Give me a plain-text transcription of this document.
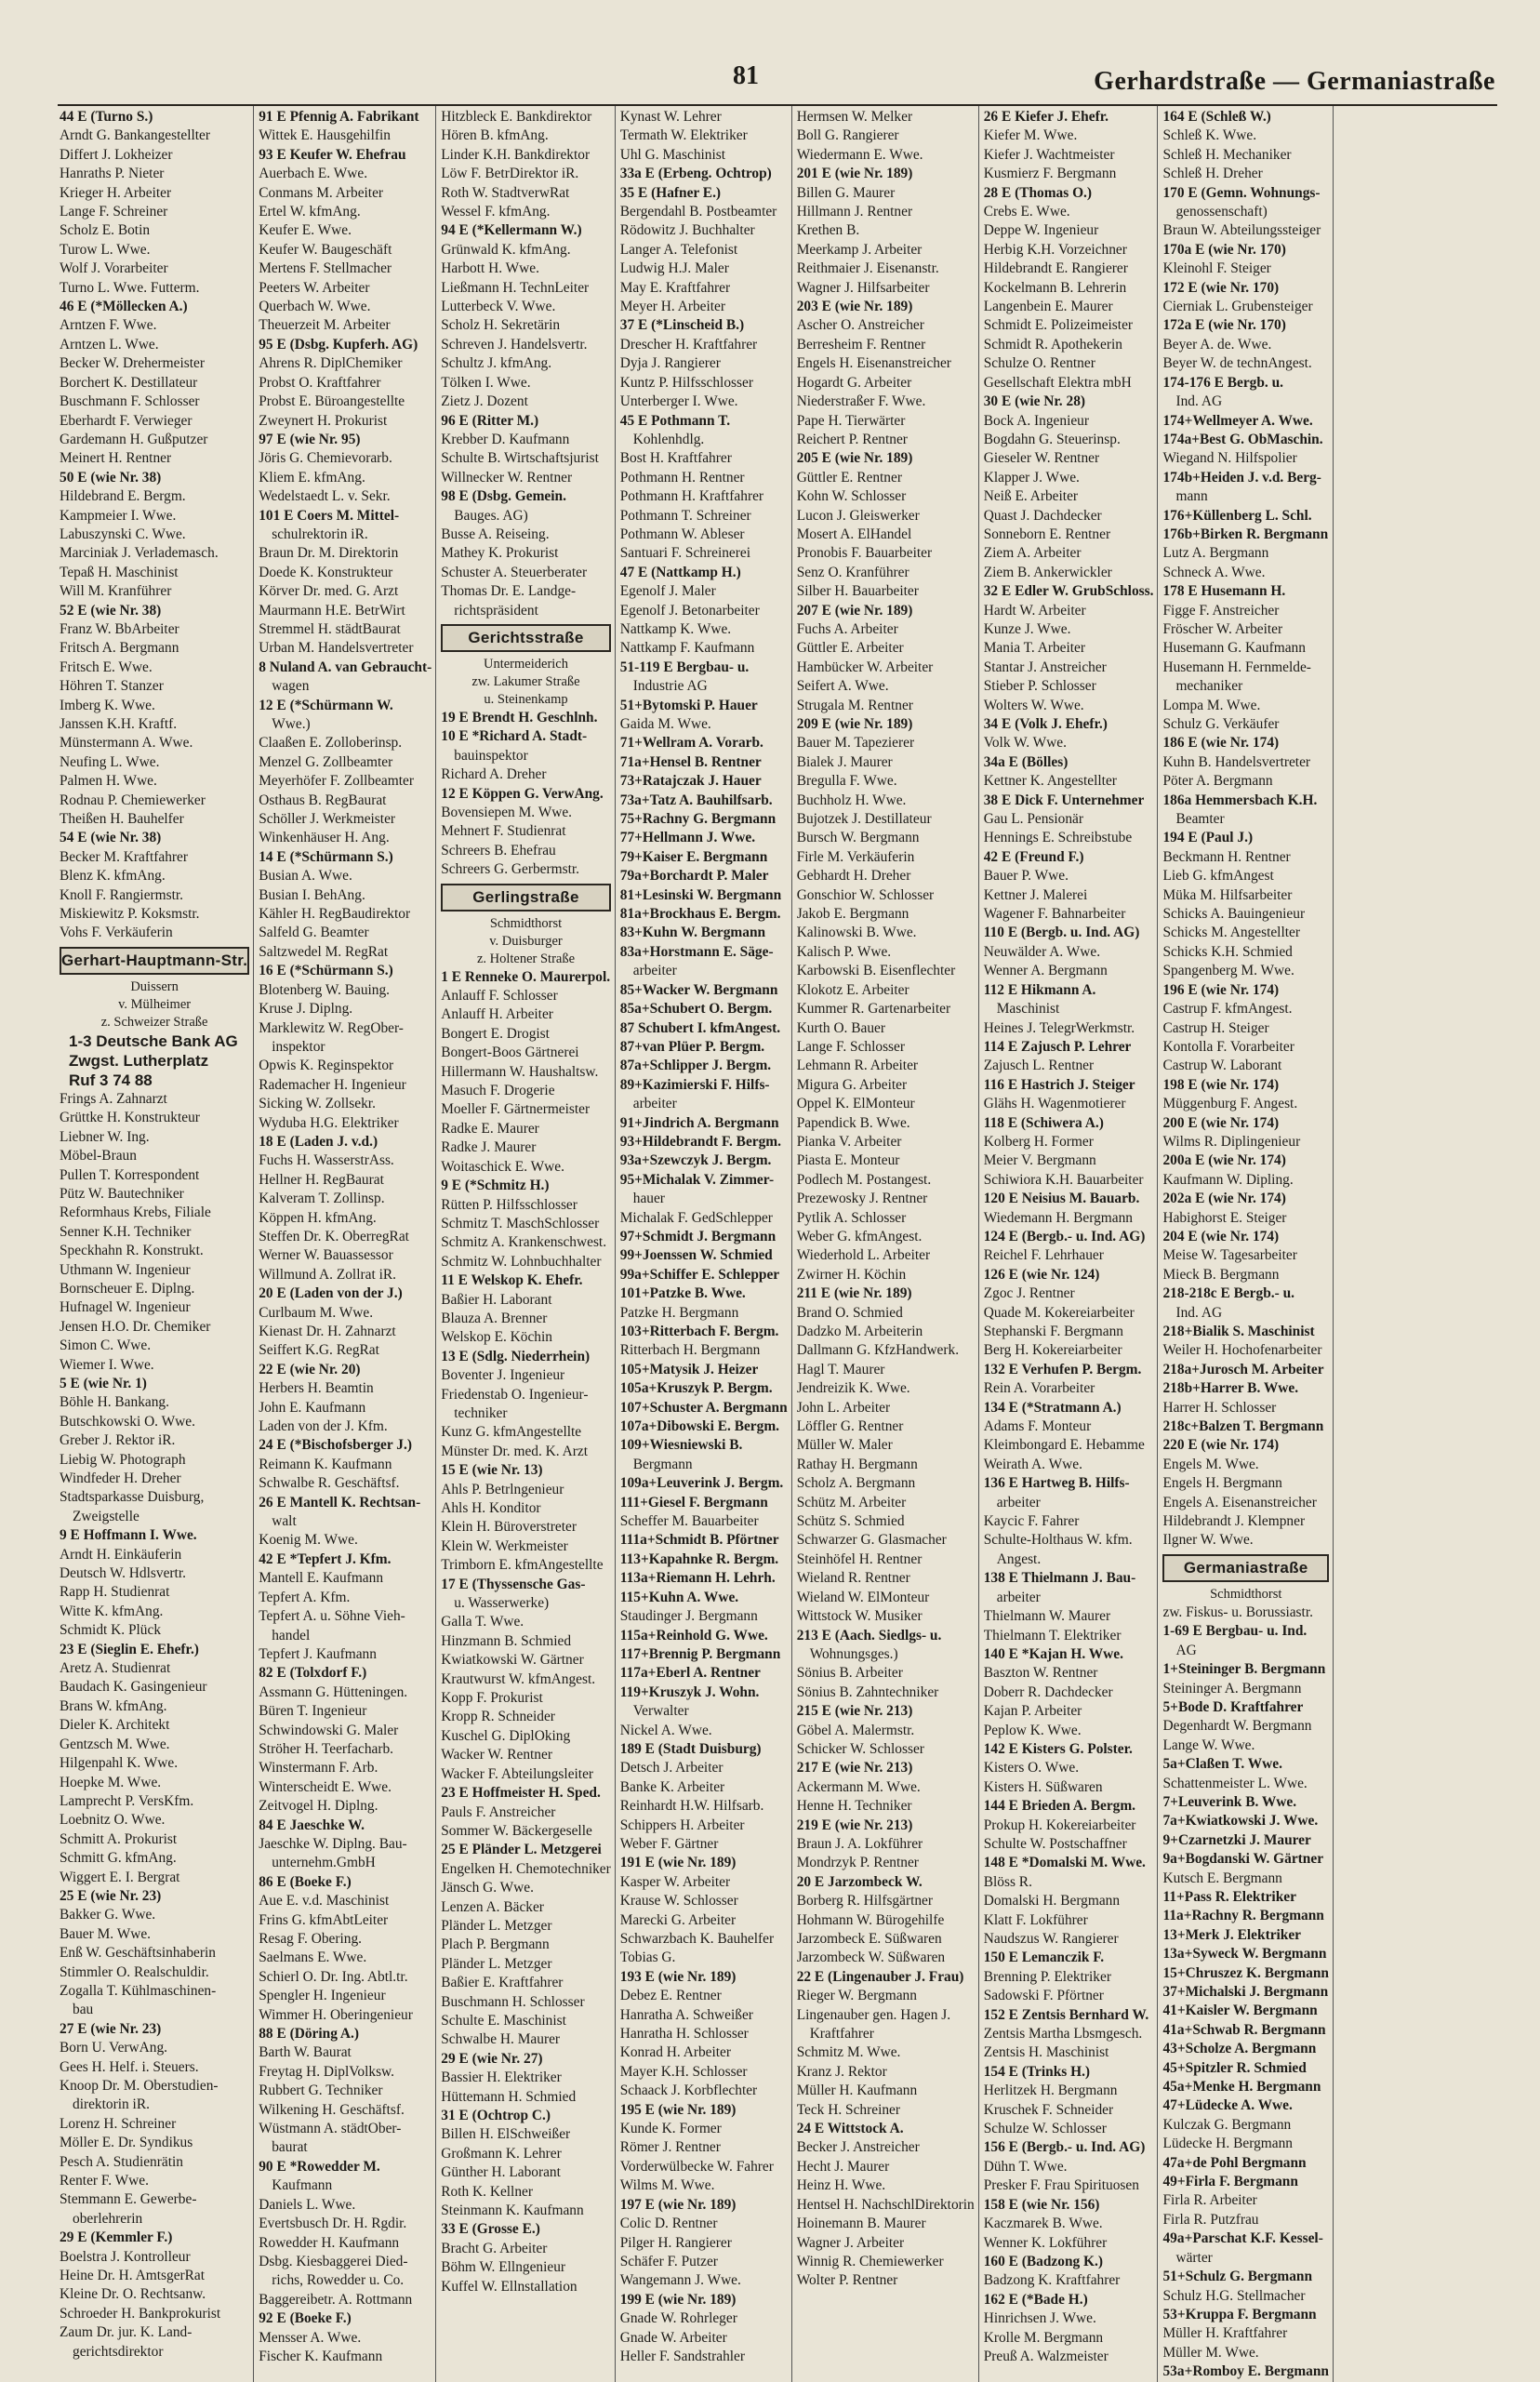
81	Gerhardstraße — Germaniastraße
44 E (Turno S.)
Arndt G. Bankangestellter
Differt J. Lokheizer
Hanraths P. Nieter
Krieger H. Arbeiter
Lange F. Schreiner
Scholz E. Botin
Turow L. Wwe.
Wolf J. Vorarbeiter
Turno L. Wwe. Futterm.
46 E (*Möllecken A.)
Arntzen F. Wwe.
Arntzen L. Wwe.
Becker W. Drehermeister
Borchert K. Destillateur
Buschmann F. Schlosser
Eberhardt F. Verwieger
Gardemann H. Gußputzer
Meinert H. Rentner
50 E (wie Nr. 38)
Hildebrand E. Bergm.
Kampmeier I. Wwe.
Labuszynski C. Wwe.
Marciniak J. Verlademasch.
Tepaß H. Maschinist
Will M. Kranführer
52 E (wie Nr. 38)
Franz W. BbArbeiter
Fritsch A. Bergmann
Fritsch E. Wwe.
Höhren T. Stanzer
Imberg K. Wwe.
Janssen K.H. Kraftf.
Münstermann A. Wwe.
Neufing L. Wwe.
Palmen H. Wwe.
Rodnau P. Chemiewerker
Theißen H. Bauhelfer
54 E (wie Nr. 38)
Becker M. Kraftfahrer
Blenz K. kfmAng.
Knoll F. Rangiermstr.
Miskiewitz P. Koksmstr.
Vohs F. Verkäuferin
Gerhart-Hauptmann-Str.
Duissern
v. Mülheimer
z. Schweizer Straße
1-3 Deutsche Bank AG
Zwgst. Lutherplatz
Ruf 3 74 88
Frings A. Zahnarzt
Grüttke H. Konstrukteur
Liebner W. Ing.
Möbel-Braun
Pullen T. Korrespondent
Pütz W. Bautechniker
Reformhaus Krebs, Filiale
Senner K.H. Techniker
Speckhahn R. Konstrukt.
Uthmann W. Ingenieur
Bornscheuer E. Diplng.
Hufnagel W. Ingenieur
Jensen H.O. Dr. Chemiker
Simon C. Wwe.
Wiemer I. Wwe.
5 E (wie Nr. 1)
Böhle H. Bankang.
Butschkowski O. Wwe.
Greber J. Rektor iR.
Liebig W. Photograph
Windfeder H. Dreher
Stadtsparkasse Duisburg,
Zweigstelle
9 E Hoffmann I. Wwe.
Arndt H. Einkäuferin
Deutsch W. Hdlsvertr.
Rapp H. Studienrat
Witte K. kfmAng.
Schmidt K. Plück
23 E (Sieglin E. Ehefr.)
Aretz A. Studienrat
Baudach K. Gasingenieur
Brans W. kfmAng.
Dieler K. Architekt
Gentzsch M. Wwe.
Hilgenpahl K. Wwe.
Hoepke M. Wwe.
Lamprecht P. VersKfm.
Loebnitz O. Wwe.
Schmitt A. Prokurist
Schmitt G. kfmAng.
Wiggert E. I. Bergrat
25 E (wie Nr. 23)
Bakker G. Wwe.
Bauer M. Wwe.
Enß W. Geschäftsinhaberin
Stimmler O. Realschuldir.
Zogalla T. Kühlmaschinen-
bau
27 E (wie Nr. 23)
Born U. VerwAng.
Gees H. Helf. i. Steuers.
Knoop Dr. M. Oberstudien-
direktorin iR.
Lorenz H. Schreiner
Möller E. Dr. Syndikus
Pesch A. Studienrätin
Renter F. Wwe.
Stemmann E. Gewerbe-
oberlehrerin
29 E (Kemmler F.)
Boelstra J. Kontrolleur
Heine Dr. H. AmtsgerRat
Kleine Dr. O. Rechtsanw.
Schroeder H. Bankprokurist
Zaum Dr. jur. K. Land-
gerichtsdirektor
91 E Pfennig A. Fabrikant
Wittek E. Hausgehilfin
93 E Keufer W. Ehefrau
Auerbach E. Wwe.
Conmans M. Arbeiter
Ertel W. kfmAng.
Keufer E. Wwe.
Keufer W. Baugeschäft
Mertens F. Stellmacher
Peeters W. Arbeiter
Querbach W. Wwe.
Theuerzeit M. Arbeiter
95 E (Dsbg. Kupferh. AG)
Ahrens R. DiplChemiker
Probst O. Kraftfahrer
Probst E. Büroangestellte
Zweynert H. Prokurist
97 E (wie Nr. 95)
Jöris G. Chemievorarb.
Kliem E. kfmAng.
Wedelstaedt L. v. Sekr.
101 E Coers M. Mittel-
schulrektorin iR.
Braun Dr. M. Direktorin
Doede K. Konstrukteur
Körver Dr. med. G. Arzt
Maurmann H.E. BetrWirt
Stremmel H. städtBaurat
Urban M. Handelsvertreter
8 Nuland A. van Gebraucht-
wagen
12 E (*Schürmann W.
Wwe.)
Claaßen E. Zolloberinsp.
Menzel G. Zollbeamter
Meyerhöfer F. Zollbeamter
Osthaus B. RegBaurat
Schöller J. Werkmeister
Winkenhäuser H. Ang.
14 E (*Schürmann S.)
Busian A. Wwe.
Busian I. BehAng.
Kähler H. RegBaudirektor
Salfeld G. Beamter
Saltzwedel M. RegRat
16 E (*Schürmann S.)
Blotenberg W. Bauing.
Kruse J. Diplng.
Marklewitz W. RegOber-
inspektor
Opwis K. Reginspektor
Rademacher H. Ingenieur
Sicking W. Zollsekr.
Wyduba H.G. Elektriker
18 E (Laden J. v.d.)
Fuchs H. WasserstrAss.
Hellner H. RegBaurat
Kalveram T. Zollinsp.
Köppen H. kfmAng.
Steffen Dr. K. OberregRat
Werner W. Bauassessor
Willmund A. Zollrat iR.
20 E (Laden von der J.)
Curlbaum M. Wwe.
Kienast Dr. H. Zahnarzt
Seiffert K.G. RegRat
22 E (wie Nr. 20)
Herbers H. Beamtin
John E. Kaufmann
Laden von der J. Kfm.
24 E (*Bischofsberger J.)
Reimann K. Kaufmann
Schwalbe R. Geschäftsf.
26 E Mantell K. Rechtsan-
walt
Koenig M. Wwe.
42 E *Tepfert J. Kfm.
Mantell E. Kaufmann
Tepfert A. Kfm.
Tepfert A. u. Söhne Vieh-
handel
Tepfert J. Kaufmann
82 E (Tolxdorf F.)
Assmann G. Hütteningen.
Büren T. Ingenieur
Schwindowski G. Maler
Ströher H. Teerfacharb.
Winstermann F. Arb.
Winterscheidt E. Wwe.
Zeitvogel H. Diplng.
84 E Jaeschke W.
Jaeschke W. Diplng. Bau-
unternehm.GmbH
86 E (Boeke F.)
Aue E. v.d. Maschinist
Frins G. kfmAbtLeiter
Resag F. Obering.
Saelmans E. Wwe.
Schierl O. Dr. Ing. Abtl.tr.
Spengler H. Ingenieur
Wimmer H. Oberingenieur
88 E (Döring A.)
Barth W. Baurat
Freytag H. DiplVolksw.
Rubbert G. Techniker
Wilkening H. Geschäftsf.
Wüstmann A. städtOber-
baurat
90 E *Rowedder M.
Kaufmann
Daniels L. Wwe.
Evertsbusch Dr. H. Rgdir.
Rowedder H. Kaufmann
Dsbg. Kiesbaggerei Died-
richs, Rowedder u. Co.
Baggereibetr. A. Rottmann
92 E (Boeke F.)
Mensser A. Wwe.
Fischer K. Kaufmann
Hitzbleck E. Bankdirektor
Hören B. kfmAng.
Linder K.H. Bankdirektor
Löw F. BetrDirektor iR.
Roth W. StadtverwRat
Wessel F. kfmAng.
94 E (*Kellermann W.)
Grünwald K. kfmAng.
Harbott H. Wwe.
Ließmann H. TechnLeiter
Lutterbeck V. Wwe.
Scholz H. Sekretärin
Schreven J. Handelsvertr.
Schultz J. kfmAng.
Tölken I. Wwe.
Zietz J. Dozent
96 E (Ritter M.)
Krebber D. Kaufmann
Schulte B. Wirtschaftsjurist
Willnecker W. Rentner
98 E (Dsbg. Gemein.
Bauges. AG)
Busse A. Reiseing.
Mathey K. Prokurist
Schuster A. Steuerberater
Thomas Dr. E. Landge-
richtspräsident
Gerichtsstraße
Untermeiderich
zw. Lakumer Straße
u. Steinenkamp
19 E Brendt H. Geschlnh.
10 E *Richard A. Stadt-
bauinspektor
Richard A. Dreher
12 E Köppen G. VerwAng.
Bovensiepen M. Wwe.
Mehnert F. Studienrat
Schreers B. Ehefrau
Schreers G. Gerbermstr.
Gerlingstraße
Schmidthorst
v. Duisburger
z. Holtener Straße
1 E Renneke O. Maurerpol.
Anlauff F. Schlosser
Anlauff H. Arbeiter
Bongert E. Drogist
Bongert-Boos Gärtnerei
Hillermann W. Haushaltsw.
Masuch F. Drogerie
Moeller F. Gärtnermeister
Radke E. Maurer
Radke J. Maurer
Woitaschick E. Wwe.
9 E (*Schmitz H.)
Rütten P. Hilfsschlosser
Schmitz T. MaschSchlosser
Schmitz A. Krankenschwest.
Schmitz W. Lohnbuchhalter
11 E Welskop K. Ehefr.
Baßier H. Laborant
Blauza A. Brenner
Welskop E. Köchin
13 E (Sdlg. Niederrhein)
Boventer J. Ingenieur
Friedenstab O. Ingenieur-
techniker
Kunz G. kfmAngestellte
Münster Dr. med. K. Arzt
15 E (wie Nr. 13)
Ahls P. Betrlngenieur
Ahls H. Konditor
Klein H. Büroverstreter
Klein W. Werkmeister
Trimborn E. kfmAngestellte
17 E (Thyssensche Gas-
u. Wasserwerke)
Galla T. Wwe.
Hinzmann B. Schmied
Kwiatkowski W. Gärtner
Krautwurst W. kfmAngest.
Kopp F. Prokurist
Kropp R. Schneider
Kuschel G. DiplOking
Wacker W. Rentner
Wacker F. Abteilungsleiter
23 E Hoffmeister H. Sped.
Pauls F. Anstreicher
Sommer W. Bäckergeselle
25 E Pländer L. Metzgerei
Engelken H. Chemotechniker
Jänsch G. Wwe.
Lenzen A. Bäcker
Pländer L. Metzger
Plach P. Bergmann
Pländer L. Metzger
Baßier E. Kraftfahrer
Buschmann H. Schlosser
Schulte E. Maschinist
Schwalbe H. Maurer
29 E (wie Nr. 27)
Bassier H. Elektriker
Hüttemann H. Schmied
31 E (Ochtrop C.)
Billen H. ElSchweißer
Großmann K. Lehrer
Günther H. Laborant
Roth K. Kellner
Steinmann K. Kaufmann
33 E (Grosse E.)
Bracht G. Arbeiter
Böhm W. Ellngenieur
Kuffel W. Ellnstallation
Kynast W. Lehrer
Termath W. Elektriker
Uhl G. Maschinist
33a E (Erbeng. Ochtrop)
35 E (Hafner E.)
Bergendahl B. Postbeamter
Rödowitz J. Buchhalter
Langer A. Telefonist
Ludwig H.J. Maler
May E. Kraftfahrer
Meyer H. Arbeiter
37 E (*Linscheid B.)
Drescher H. Kraftfahrer
Dyja J. Rangierer
Kuntz P. Hilfsschlosser
Unterberger I. Wwe.
45 E Pothmann T.
Kohlenhdlg.
Bost H. Kraftfahrer
Pothmann H. Rentner
Pothmann H. Kraftfahrer
Pothmann T. Schreiner
Pothmann W. Ableser
Santuari F. Schreinerei
47 E (Nattkamp H.)
Egenolf J. Maler
Egenolf J. Betonarbeiter
Nattkamp K. Wwe.
Nattkamp F. Kaufmann
51-119 E Bergbau- u.
Industrie AG
51+Bytomski P. Hauer
Gaida M. Wwe.
71+Wellram A. Vorarb.
71a+Hensel B. Rentner
73+Ratajczak J. Hauer
73a+Tatz A. Bauhilfsarb.
75+Rachny G. Bergmann
77+Hellmann J. Wwe.
79+Kaiser E. Bergmann
79a+Borchardt P. Maler
81+Lesinski W. Bergmann
81a+Brockhaus E. Bergm.
83+Kuhn W. Bergmann
83a+Horstmann E. Säge-
arbeiter
85+Wacker W. Bergmann
85a+Schubert O. Bergm.
87 Schubert I. kfmAngest.
87+van Plüer P. Bergm.
87a+Schlipper J. Bergm.
89+Kazimierski F. Hilfs-
arbeiter
91+Jindrich A. Bergmann
93+Hildebrandt F. Bergm.
93a+Szewczyk J. Bergm.
95+Michalak V. Zimmer-
hauer
Michalak F. GedSchlepper
97+Schmidt J. Bergmann
99+Joenssen W. Schmied
99a+Schiffer E. Schlepper
101+Patzke B. Wwe.
Patzke H. Bergmann
103+Ritterbach F. Bergm.
Ritterbach H. Bergmann
105+Matysik J. Heizer
105a+Kruszyk P. Bergm.
107+Schuster A. Bergmann
107a+Dibowski E. Bergm.
109+Wiesniewski B.
Bergmann
109a+Leuverink J. Bergm.
111+Giesel F. Bergmann
Scheffer M. Bauarbeiter
111a+Schmidt B. Pförtner
113+Kapahnke R. Bergm.
113a+Riemann H. Lehrh.
115+Kuhn A. Wwe.
Staudinger J. Bergmann
115a+Reinhold G. Wwe.
117+Brennig P. Bergmann
117a+Eberl A. Rentner
119+Kruszyk J. Wohn.
Verwalter
Nickel A. Wwe.
189 E (Stadt Duisburg)
Detsch J. Arbeiter
Banke K. Arbeiter
Reinhardt H.W. Hilfsarb.
Schippers H. Arbeiter
Weber F. Gärtner
191 E (wie Nr. 189)
Kasper W. Arbeiter
Krause W. Schlosser
Marecki G. Arbeiter
Schwarzbach K. Bauhelfer
Tobias G.
193 E (wie Nr. 189)
Debez E. Rentner
Hanratha A. Schweißer
Hanratha H. Schlosser
Konrad H. Arbeiter
Mayer K.H. Schlosser
Schaack J. Korbflechter
195 E (wie Nr. 189)
Kunde K. Former
Römer J. Rentner
Vorderwülbecke W. Fahrer
Wilms M. Wwe.
197 E (wie Nr. 189)
Colic D. Rentner
Pilger H. Rangierer
Schäfer F. Putzer
Wangemann J. Wwe.
199 E (wie Nr. 189)
Gnade W. Rohrleger
Gnade W. Arbeiter
Heller F. Sandstrahler
Hermsen W. Melker
Boll G. Rangierer
Wiedermann E. Wwe.
201 E (wie Nr. 189)
Billen G. Maurer
Hillmann J. Rentner
Krethen B.
Meerkamp J. Arbeiter
Reithmaier J. Eisenanstr.
Wagner J. Hilfsarbeiter
203 E (wie Nr. 189)
Ascher O. Anstreicher
Berresheim F. Rentner
Engels H. Eisenanstreicher
Hogardt G. Arbeiter
Niederstraßer F. Wwe.
Pape H. Tierwärter
Reichert P. Rentner
205 E (wie Nr. 189)
Güttler E. Rentner
Kohn W. Schlosser
Lucon J. Gleiswerker
Mosert A. ElHandel
Pronobis F. Bauarbeiter
Senz O. Kranführer
Silber H. Bauarbeiter
207 E (wie Nr. 189)
Fuchs A. Arbeiter
Güttler E. Arbeiter
Hambücker W. Arbeiter
Seifert A. Wwe.
Strugala M. Rentner
209 E (wie Nr. 189)
Bauer M. Tapezierer
Bialek J. Maurer
Bregulla F. Wwe.
Buchholz H. Wwe.
Bujotzek J. Destillateur
Bursch W. Bergmann
Firle M. Verkäuferin
Gebhardt H. Dreher
Gonschior W. Schlosser
Jakob E. Bergmann
Kalinowski B. Wwe.
Kalisch P. Wwe.
Karbowski B. Eisenflechter
Klokotz E. Arbeiter
Kummer R. Gartenarbeiter
Kurth O. Bauer
Lange F. Schlosser
Lehmann R. Arbeiter
Migura G. Arbeiter
Oppel K. ElMonteur
Papendick B. Wwe.
Pianka V. Arbeiter
Piasta E. Monteur
Podlech M. Postangest.
Prezewosky J. Rentner
Pytlik A. Schlosser
Weber G. kfmAngest.
Wiederhold L. Arbeiter
Zwirner H. Köchin
211 E (wie Nr. 189)
Brand O. Schmied
Dadzko M. Arbeiterin
Dallmann G. KfzHandwerk.
Hagl T. Maurer
Jendreizik K. Wwe.
John L. Arbeiter
Löffler G. Rentner
Müller W. Maler
Rathay H. Bergmann
Scholz A. Bergmann
Schütz M. Arbeiter
Schütz S. Schmied
Schwarzer G. Glasmacher
Steinhöfel H. Rentner
Wieland R. Rentner
Wieland W. ElMonteur
Wittstock W. Musiker
213 E (Aach. Siedlgs- u.
Wohnungsges.)
Sönius B. Arbeiter
Sönius B. Zahntechniker
215 E (wie Nr. 213)
Göbel A. Malermstr.
Schicker W. Schlosser
217 E (wie Nr. 213)
Ackermann M. Wwe.
Henne H. Techniker
219 E (wie Nr. 213)
Braun J. A. Lokführer
Mondrzyk P. Rentner
20 E Jarzombeck W.
Borberg R. Hilfsgärtner
Hohmann W. Bürogehilfe
Jarzombeck E. Süßwaren
Jarzombeck W. Süßwaren
22 E (Lingenauber J. Frau)
Rieger W. Bergmann
Lingenauber gen. Hagen J.
Kraftfahrer
Schmitz M. Wwe.
Kranz J. Rektor
Müller H. Kaufmann
Teck H. Schreiner
24 E Wittstock A.
Becker J. Anstreicher
Hecht J. Maurer
Heinz H. Wwe.
Hentsel H. NachschlDirektorin
Hoinemann B. Maurer
Wagner J. Arbeiter
Winnig R. Chemiewerker
Wolter P. Rentner
26 E Kiefer J. Ehefr.
Kiefer M. Wwe.
Kiefer J. Wachtmeister
Kusmierz F. Bergmann
28 E (Thomas O.)
Crebs E. Wwe.
Deppe W. Ingenieur
Herbig K.H. Vorzeichner
Hildebrandt E. Rangierer
Kockelmann B. Lehrerin
Langenbein E. Maurer
Schmidt E. Polizeimeister
Schmidt R. Apothekerin
Schulze O. Rentner
Gesellschaft Elektra mbH
30 E (wie Nr. 28)
Bock A. Ingenieur
Bogdahn G. Steuerinsp.
Gieseler W. Rentner
Klapper J. Wwe.
Neiß E. Arbeiter
Quast J. Dachdecker
Sonneborn E. Rentner
Ziem A. Arbeiter
Ziem B. Ankerwickler
32 E Edler W. GrubSchloss.
Hardt W. Arbeiter
Kunze J. Wwe.
Mania T. Arbeiter
Stantar J. Anstreicher
Stieber P. Schlosser
Wolters W. Wwe.
34 E (Volk J. Ehefr.)
Volk W. Wwe.
34a E (Bölles)
Kettner K. Angestellter
38 E Dick F. Unternehmer
Gau L. Pensionär
Hennings E. Schreibstube
42 E (Freund F.)
Bauer P. Wwe.
Kettner J. Malerei
Wagener F. Bahnarbeiter
110 E (Bergb. u. Ind. AG)
Neuwälder A. Wwe.
Wenner A. Bergmann
112 E Hikmann A.
Maschinist
Heines J. TelegrWerkmstr.
114 E Zajusch P. Lehrer
Zajusch L. Rentner
116 E Hastrich J. Steiger
Glähs H. Wagenmotierer
118 E (Schiwera A.)
Kolberg H. Former
Meier V. Bergmann
Schiwiora K.H. Bauarbeiter
120 E Neisius M. Bauarb.
Wiedemann H. Bergmann
124 E (Bergb.- u. Ind. AG)
Reichel F. Lehrhauer
126 E (wie Nr. 124)
Zgoc J. Rentner
Quade M. Kokereiarbeiter
Stephanski F. Bergmann
Berg H. Kokereiarbeiter
132 E Verhufen P. Bergm.
Rein A. Vorarbeiter
134 E (*Stratmann A.)
Adams F. Monteur
Kleimbongard E. Hebamme
Weirath A. Wwe.
136 E Hartweg B. Hilfs-
arbeiter
Kaycic F. Fahrer
Schulte-Holthaus W. kfm.
Angest.
138 E Thielmann J. Bau-
arbeiter
Thielmann W. Maurer
Thielmann T. Elektriker
140 E *Kajan H. Wwe.
Baszton W. Rentner
Doberr R. Dachdecker
Kajan P. Arbeiter
Peplow K. Wwe.
142 E Kisters G. Polster.
Kisters O. Wwe.
Kisters H. Süßwaren
144 E Brieden A. Bergm.
Prokup H. Kokereiarbeiter
Schulte W. Postschaffner
148 E *Domalski M. Wwe.
Blöss R.
Domalski H. Bergmann
Klatt F. Lokführer
Naudszus W. Rangierer
150 E Lemanczik F.
Brenning P. Elektriker
Sadowski F. Pförtner
152 E Zentsis Bernhard W.
Zentsis Martha Lbsmgesch.
Zentsis H. Maschinist
154 E (Trinks H.)
Herlitzek H. Bergmann
Kruschek F. Schneider
Schulze W. Schlosser
156 E (Bergb.- u. Ind. AG)
Dühn T. Wwe.
Presker F. Frau Spirituosen
158 E (wie Nr. 156)
Kaczmarek B. Wwe.
Wenner K. Lokführer
160 E (Badzong K.)
Badzong K. Kraftfahrer
162 E (*Bade H.)
Hinrichsen J. Wwe.
Krolle M. Bergmann
Preuß A. Walzmeister
164 E (Schleß W.)
Schleß K. Wwe.
Schleß H. Mechaniker
Schleß H. Dreher
170 E (Gemn. Wohnungs-
genossenschaft)
Braun W. Abteilungssteiger
170a E (wie Nr. 170)
Kleinohl F. Steiger
172 E (wie Nr. 170)
Cierniak L. Grubensteiger
172a E (wie Nr. 170)
Beyer A. de. Wwe.
Beyer W. de technAngest.
174-176 E Bergb. u.
Ind. AG
174+Wellmeyer A. Wwe.
174a+Best G. ObMaschin.
Wiegand N. Hilfspolier
174b+Heiden J. v.d. Berg-
mann
176+Küllenberg L. Schl.
176b+Birken R. Bergmann
Lutz A. Bergmann
Schneck A. Wwe.
178 E Husemann H.
Figge F. Anstreicher
Fröscher W. Arbeiter
Husemann G. Kaufmann
Husemann H. Fernmelde-
mechaniker
Lompa M. Wwe.
Schulz G. Verkäufer
186 E (wie Nr. 174)
Kuhn B. Handelsvertreter
Pöter A. Bergmann
186a Hemmersbach K.H.
Beamter
194 E (Paul J.)
Beckmann H. Rentner
Lieb G. kfmAngest
Müka M. Hilfsarbeiter
Schicks A. Bauingenieur
Schicks M. Angestellter
Schicks K.H. Schmied
Spangenberg M. Wwe.
196 E (wie Nr. 174)
Castrup F. kfmAngest.
Castrup H. Steiger
Kontolla F. Vorarbeiter
Castrup W. Laborant
198 E (wie Nr. 174)
Müggenburg F. Angest.
200 E (wie Nr. 174)
Wilms R. Diplingenieur
200a E (wie Nr. 174)
Kaufmann W. Dipling.
202a E (wie Nr. 174)
Habighorst E. Steiger
204 E (wie Nr. 174)
Meise W. Tagesarbeiter
Mieck B. Bergmann
218-218c E Bergb.- u.
Ind. AG
218+Bialik S. Maschinist
Weiler H. Hochofenarbeiter
218a+Jurosch M. Arbeiter
218b+Harrer B. Wwe.
Harrer H. Schlosser
218c+Balzen T. Bergmann
220 E (wie Nr. 174)
Engels M. Wwe.
Engels H. Bergmann
Engels A. Eisenanstreicher
Hildebrandt J. Klempner
Ilgner W. Wwe.
Germaniastraße
Schmidthorst
zw. Fiskus- u. Borussiastr.
1-69 E Bergbau- u. Ind.
AG
1+Steininger B. Bergmann
Steininger A. Bergmann
5+Bode D. Kraftfahrer
Degenhardt W. Bergmann
Lange W. Wwe.
5a+Claßen T. Wwe.
Schattenmeister L. Wwe.
7+Leuverink B. Wwe.
7a+Kwiatkowski J. Wwe.
9+Czarnetzki J. Maurer
9a+Bogdanski W. Gärtner
Kutsch E. Bergmann
11+Pass R. Elektriker
11a+Rachny R. Bergmann
13+Merk J. Elektriker
13a+Syweck W. Bergmann
15+Chruszez K. Bergmann
37+Michalski J. Bergmann
41+Kaisler W. Bergmann
41a+Schwab R. Bergmann
43+Scholze A. Bergmann
45+Spitzler R. Schmied
45a+Menke H. Bergmann
47+Lüdecke A. Wwe.
Kulczak G. Bergmann
Lüdecke H. Bergmann
47a+de Pohl Bergmann
49+Firla F. Bergmann
Firla R. Arbeiter
Firla R. Putzfrau
49a+Parschat K.F. Kessel-
wärter
51+Schulz G. Bergmann
Schulz H.G. Stellmacher
53+Kruppa F. Bergmann
Müller H. Kraftfahrer
Müller M. Wwe.
53a+Romboy E. Bergmann
